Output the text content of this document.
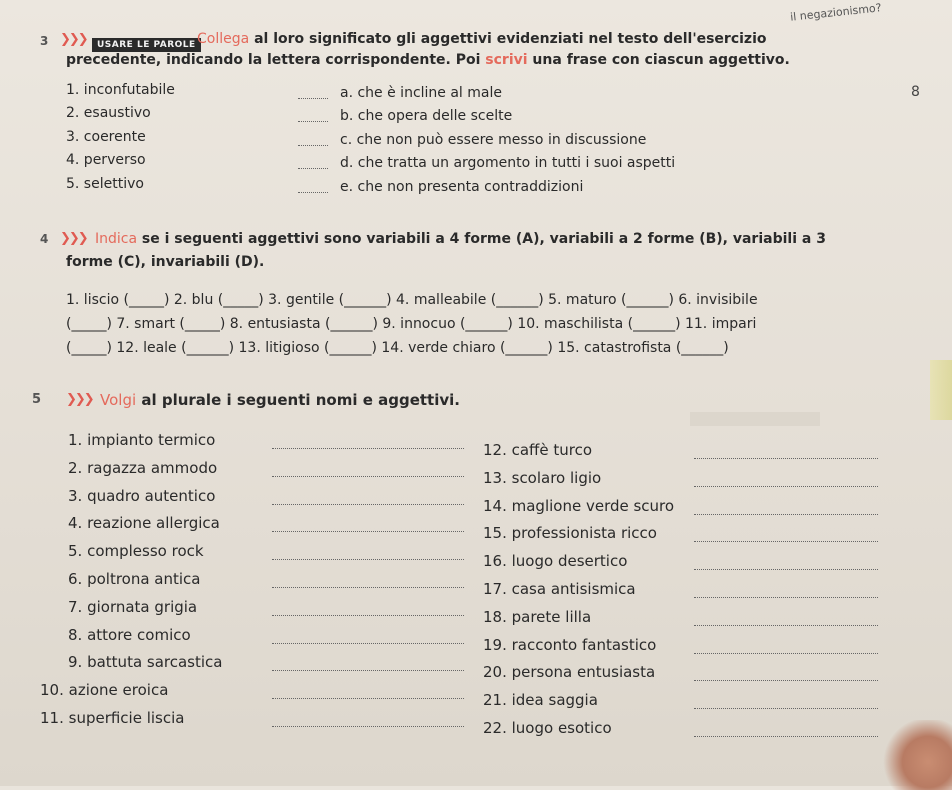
il negazionismo?
3 ❯❯❯	USARE LE PAROLE Collega al loro significato gli aggettivi evidenziati nel testo dell'esercizio
precedente, indicando la lettera corrispondente. Poi scrivi una frase con ciascun aggettivo.
8
1. inconfutabile	a. che è incline al male
2. esaustivo	b. che opera delle scelte
3. coerente	c. che non può essere messo in discussione
4. perverso	d. che tratta un argomento in tutti i suoi aspetti
5. selettivo	e. che non presenta contraddizioni
4 ❯❯❯ Indica se i seguenti aggettivi sono variabili a 4 forme (A), variabili a 2 forme (B), variabili a 3
forme (C), invariabili (D).
1. liscio (_____) 2. blu (_____) 3. gentile (______) 4. malleabile (______) 5. maturo (______) 6. invisibile
(_____) 7. smart (_____) 8. entusiasta (______) 9. innocuo (______) 10. maschilista (______) 11. impari
(_____) 12. leale (______) 13. litigioso (______) 14. verde chiaro (______) 15. catastrofista (______)
5 ❯❯❯ Volgi al plurale i seguenti nomi e aggettivi.
1. impianto termico
2. ragazza ammodo
3. quadro autentico
4. reazione allergica
5. complesso rock
6. poltrona antica
7. giornata grigia
8. attore comico
9. battuta sarcastica
10. azione eroica
11. superficie liscia
12. caffè turco
13. scolaro ligio
14. maglione verde scuro
15. professionista ricco
16. luogo desertico
17. casa antisismica
18. parete lilla
19. racconto fantastico
20. persona entusiasta
21. idea saggia
22. luogo esotico
